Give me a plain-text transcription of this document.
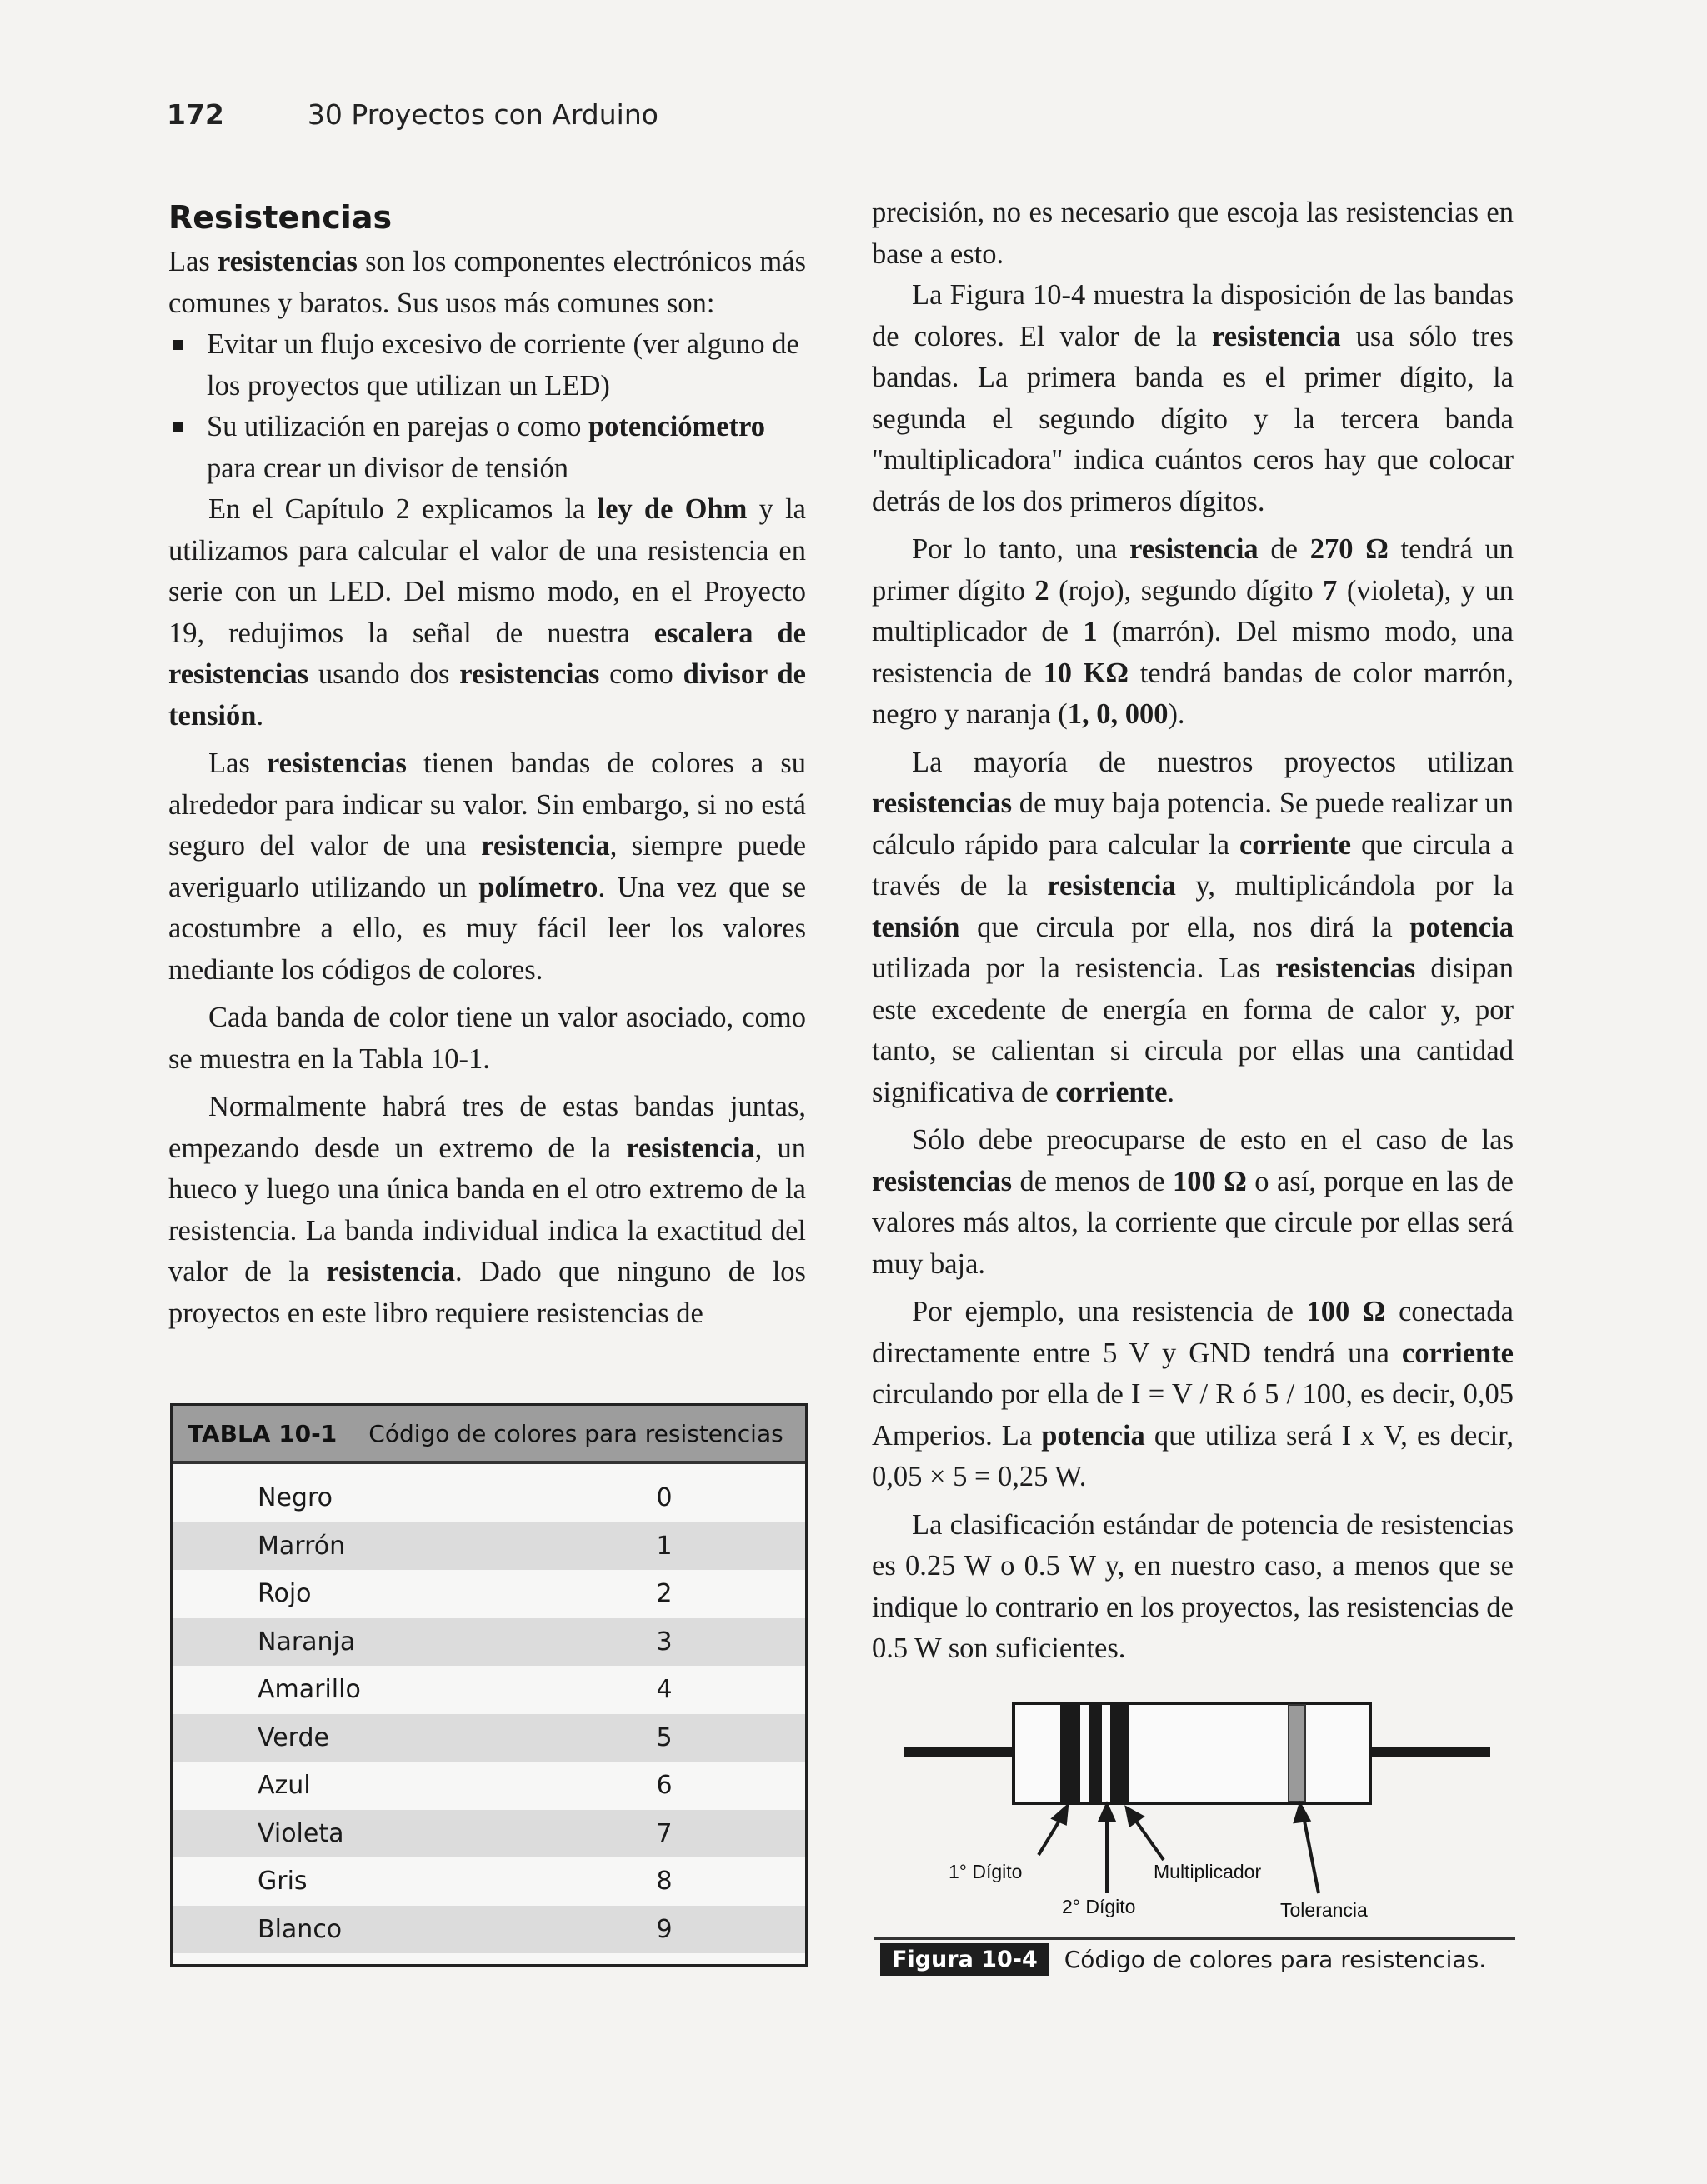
172	30 Proyectos con Arduino
Resistencias

Las resistencias son los componentes electrónicos más comunes y baratos. Sus usos más comunes son:

Evitar un flujo excesivo de corriente (ver alguno de los proyectos que utilizan un LED)
Su utilización en parejas o como potenciómetro para crear un divisor de tensión

En el Capítulo 2 explicamos la ley de Ohm y la utilizamos para calcular el valor de una resistencia en serie con un LED. Del mismo modo, en el Proyecto 19, redujimos la señal de nuestra escalera de resistencias usando dos resistencias como divisor de tensión.

Las resistencias tienen bandas de colores a su alrededor para indicar su valor. Sin embargo, si no está seguro del valor de una resistencia, siempre puede averiguarlo utilizando un polímetro. Una vez que se acostumbre a ello, es muy fácil leer los valores mediante los códigos de colores.

Cada banda de color tiene un valor asociado, como se muestra en la Tabla 10-1.

Normalmente habrá tres de estas bandas juntas, empezando desde un extremo de la resistencia, un hueco y luego una única banda en el otro extremo de la resistencia. La banda individual indica la exactitud del valor de la resistencia. Dado que ninguno de los proyectos en este libro requiere resistencias de

precisión, no es necesario que escoja las resistencias en base a esto.

La Figura 10-4 muestra la disposición de las bandas de colores. El valor de la resistencia usa sólo tres bandas. La primera banda es el primer dígito, la segunda el segundo dígito y la tercera banda "multiplicadora" indica cuántos ceros hay que colocar detrás de los dos primeros dígitos.

Por lo tanto, una resistencia de 270 Ω tendrá un primer dígito 2 (rojo), segundo dígito 7 (violeta), y un multiplicador de 1 (marrón). Del mismo modo, una resistencia de 10 KΩ tendrá bandas de color marrón, negro y naranja (1, 0, 000).

La mayoría de nuestros proyectos utilizan resistencias de muy baja potencia. Se puede realizar un cálculo rápido para calcular la corriente que circula a través de la resistencia y, multiplicándola por la tensión que circula por ella, nos dirá la potencia utilizada por la resistencia. Las resistencias disipan este excedente de energía en forma de calor y, por tanto, se calientan si circula por ellas una cantidad significativa de corriente.

Sólo debe preocuparse de esto en el caso de las resistencias de menos de 100 Ω o así, porque en las de valores más altos, la corriente que circule por ellas será muy baja.

Por ejemplo, una resistencia de 100 Ω conectada directamente entre 5 V y GND tendrá una corriente circulando por ella de I = V / R ó 5 / 100, es decir, 0,05 Amperios. La potencia que utiliza será I x V, es decir, 0,05 × 5 = 0,25 W.

La clasificación estándar de potencia de resistencias es 0.25 W o 0.5 W y, en nuestro caso, a menos que se indique lo contrario en los proyectos, las resistencias de 0.5 W son suficientes.

TABLA 10-1 Código de colores para resistencias
Negro	0
Marrón	1
Rojo	2
Naranja	3
Amarillo	4
Verde	5
Azul	6
Violeta	7
Gris	8
Blanco	9
1° Dígito
2° Dígito
Multiplicador
Tolerancia
Figura 10-4	Código de colores para resistencias.
